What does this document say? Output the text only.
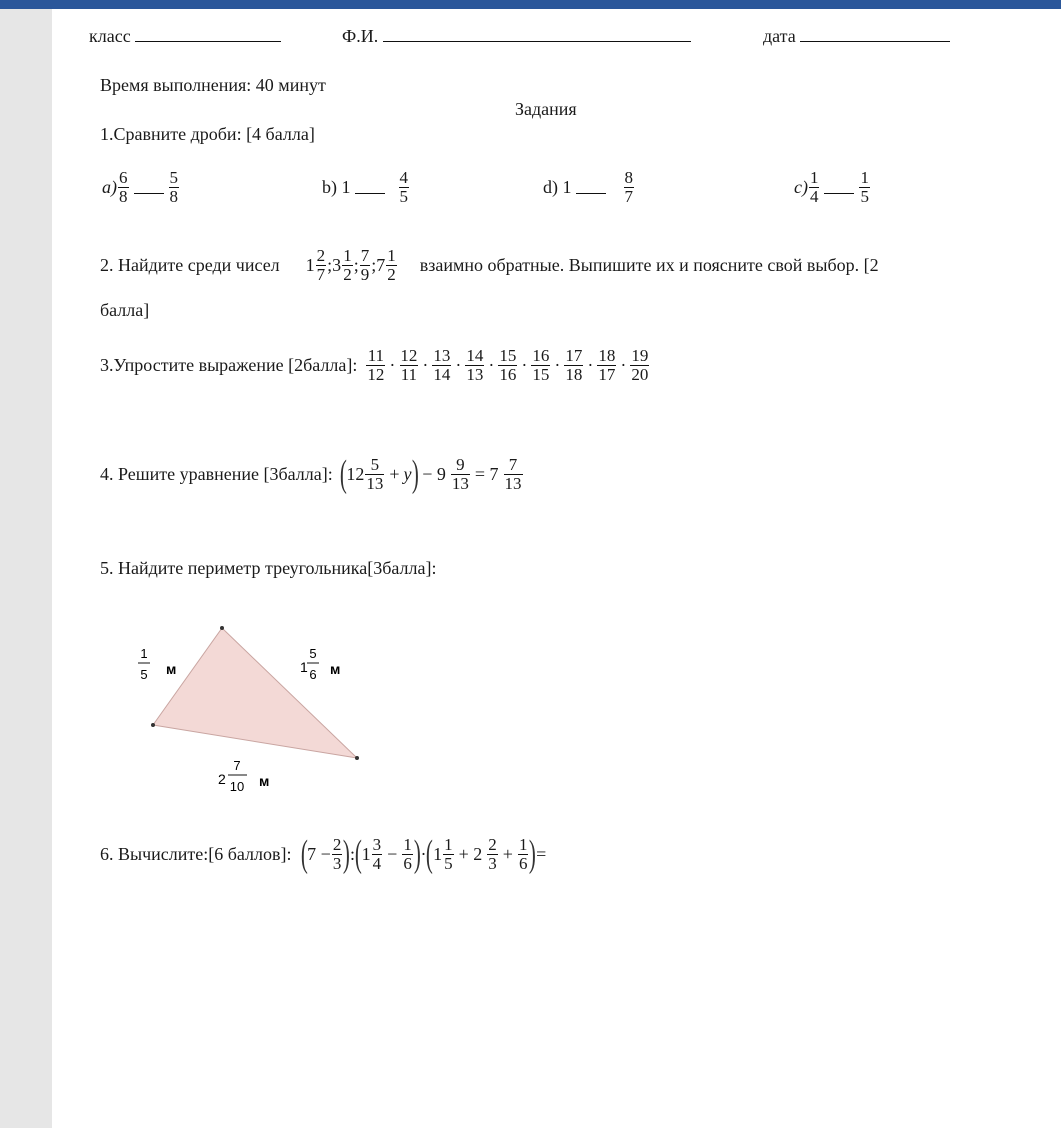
класс	Ф.И.	дата
Время выполнения: 40 минут
Задания
1.Сравните дроби: [4 балла]
a) 6
8
5
8	b) 1	4
5	d) 1	8
7	c) 1
4
1
5
2. Найдите среди чисел 1 2
7 ;3 1
2 ; 7
9 ;7 1
2 взаимно обратные. Выпишите их и поясните свой выбор. [2
балла]
3.Упростите выражение [2балла]: $\frac{11}{12} \cdot \frac{12}{11} \cdot \frac{13}{14} \cdot \frac{14}{13} \cdot \frac{15}{16} \cdot \frac{16}{15} \cdot \frac{17}{18} \cdot \frac{18}{17} \cdot \frac{19}{20}$
4. Решите уравнение [3балла]: ( 12 5
13 + y ) − $9 \frac{9}{13} = 7$ 7
13
5. Найдите периметр треугольника[3балла]:
1
5 м	1
5
6 м
2
7
10 м
6. Вычислите:[6 баллов]: ( $7 - \frac{2}{3}$ ) : ( 1 3
$4 - \frac{1}{6}$ ) · ( 1 1
5 + 2 2
$3 + \frac{1}{6}$ ) =
